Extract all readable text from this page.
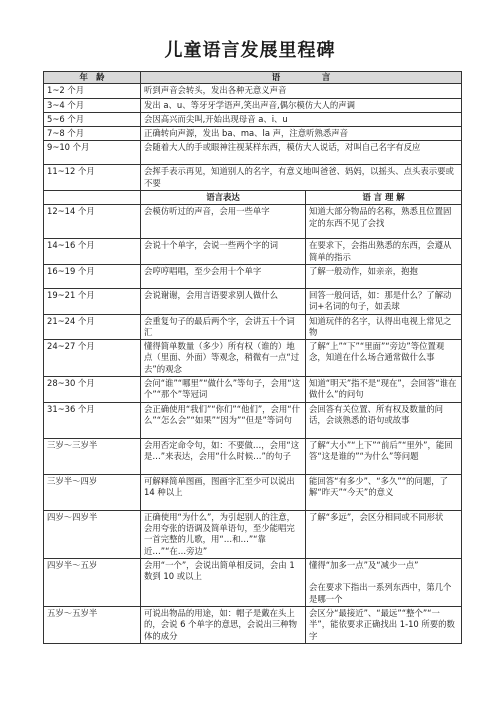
儿童语言发展里程碑
年　龄	语　　　　　言	
1~2 个月	听到声音会转头，发出各种无意义声音	
3~4 个月	发出 a、u、等牙牙学语声,笑出声音,偶尔模仿大人的声调	
5~6 个月	会因高兴而尖叫,开始出现母音 a、i、u	
7~8 个月	正确转向声源，发出 ba、ma、la 声，注意听熟悉声音	
9~10 个月	会随着大人的手或眼神注视某样东西，模仿大人说话，对叫自己名字有反应	
11~12 个月	会挥手表示再见，知道别人的名字，有意义地叫爸爸、妈妈，以摇头、点头表示要或不要	
	语言表达	语 言 理 解
12~14 个月	会模仿听过的声音，会用一些单字	知道大部分物品的名称，熟悉且位置固定的东西不见了会找
14~16 个月	会说十个单字，会说一些两个字的词	在要求下，会指出熟悉的东西，会遵从简单的指示
16~19 个月	会哼哼唱唱，至少会用十个单字	了解一般动作，如亲亲，抱抱
19~21 个月	会说谢谢，会用言语要求别人做什么	回答一般问话，如：那是什么？了解动词+名词的句子，如丢球
21~24 个月	会重复句子的最后两个字，会讲五十个词汇	知道玩伴的名字，认得出电视上常见之物
24~27 个月	懂得简单数量（多少）所有权（谁的）地点（里面、外面）等观念，稍微有一点“过去”的观念	了解“上”“下”“里面”“旁边”等位置观念，知道在什么场合通常做什么事
28~30 个月	会问“谁”“哪里”“做什么”等句子，会用“这个”“那个”等冠词	知道“明天”指不是“现在”，会回答“谁在做什么”的问句
31~36 个月	会正确使用“我们”“你们”“他们”，会用“什么”“怎么会”“如果”“因为”“但是”等词句	会回答有关位置、所有权及数量的问话，会谈熟悉的语句或故事
三岁～三岁半	会用否定命令句，如：不要做…，会用“这是…”来表达，会用“什么时候…”的句子	了解“大小”“上下”“前后”“里外”，能回答“这是谁的”“为什么”等问题
三岁半～四岁	可解释简单图画，图画字汇至少可以说出 14 种以上	能回答“有多少”、“多久”“的问题，了解“昨天”“今天”的意义
四岁～四岁半	正确使用“为什么”，为引起别人的注意，会用夸张的语调及简单语句，至少能唱完一首完整的儿歌，用“…和…”“靠近…”“在…旁边”	了解“多远”，会区分相同或不同形状
四岁半～五岁	会用“一个”，会说出简单相反词，会由 1 数到 10 或以上	懂得“加多一点”及“减少一点”

会在要求下指出一系列东西中，第几个是哪一个
五岁～五岁半	可说出物品的用途，如：帽子是戴在头上的，会说 6 个单字的意思，会说出三种物体的成分	会区分“最接近”、“最远”“整个”“一半”，能依要求正确找出 1-10 所要的数字
